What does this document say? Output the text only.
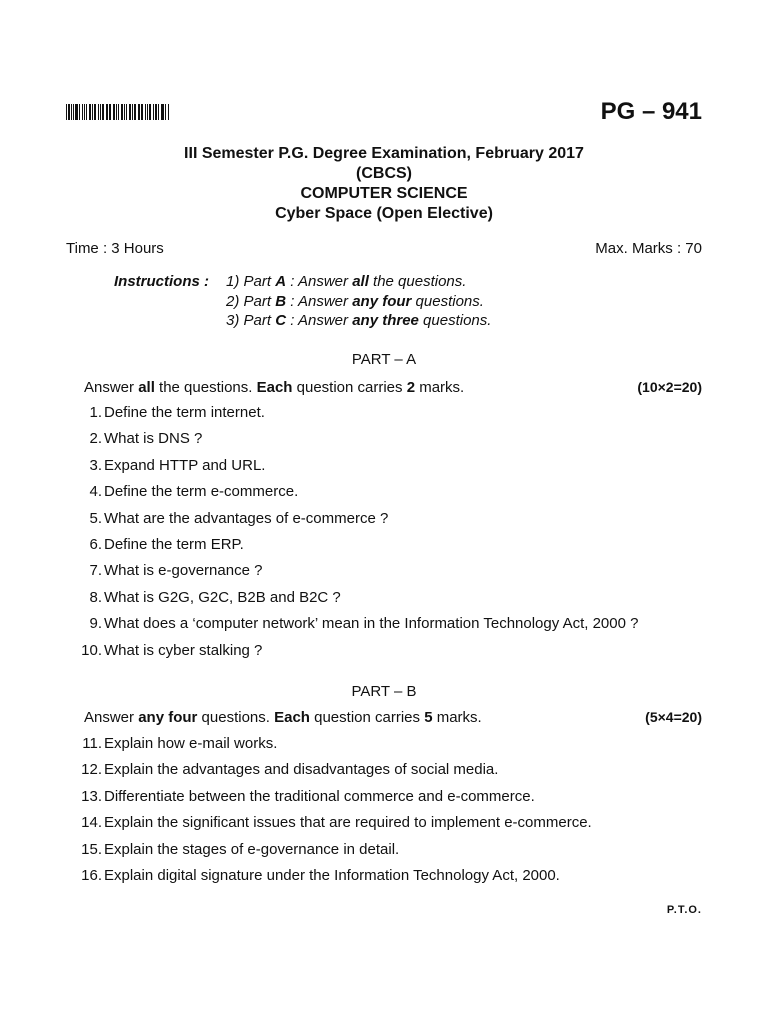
PG – 941
III Semester P.G. Degree Examination, February 2017
(CBCS)
COMPUTER SCIENCE
Cyber Space (Open Elective)
Time : 3 Hours	Max. Marks : 70
Instructions :	1) Part A : Answer all the questions.
2) Part B : Answer any four questions.
3) Part C : Answer any three questions.
PART – A
Answer all the questions. Each question carries 2 marks.	(10×2=20)
1. Define the term internet.
2. What is DNS ?
3. Expand HTTP and URL.
4. Define the term e-commerce.
5. What are the advantages of e-commerce ?
6. Define the term ERP.
7. What is e-governance ?
8. What is G2G, G2C, B2B and B2C ?
9. What does a ‘computer network’ mean in the Information Technology Act, 2000 ?
10. What is cyber stalking ?
PART – B
Answer any four questions. Each question carries 5 marks.	(5×4=20)
11. Explain how e-mail works.
12. Explain the advantages and disadvantages of social media.
13. Differentiate between the traditional commerce and e-commerce.
14. Explain the significant issues that are required to implement e-commerce.
15. Explain the stages of e-governance in detail.
16. Explain digital signature under the Information Technology Act, 2000.
P.T.O.
